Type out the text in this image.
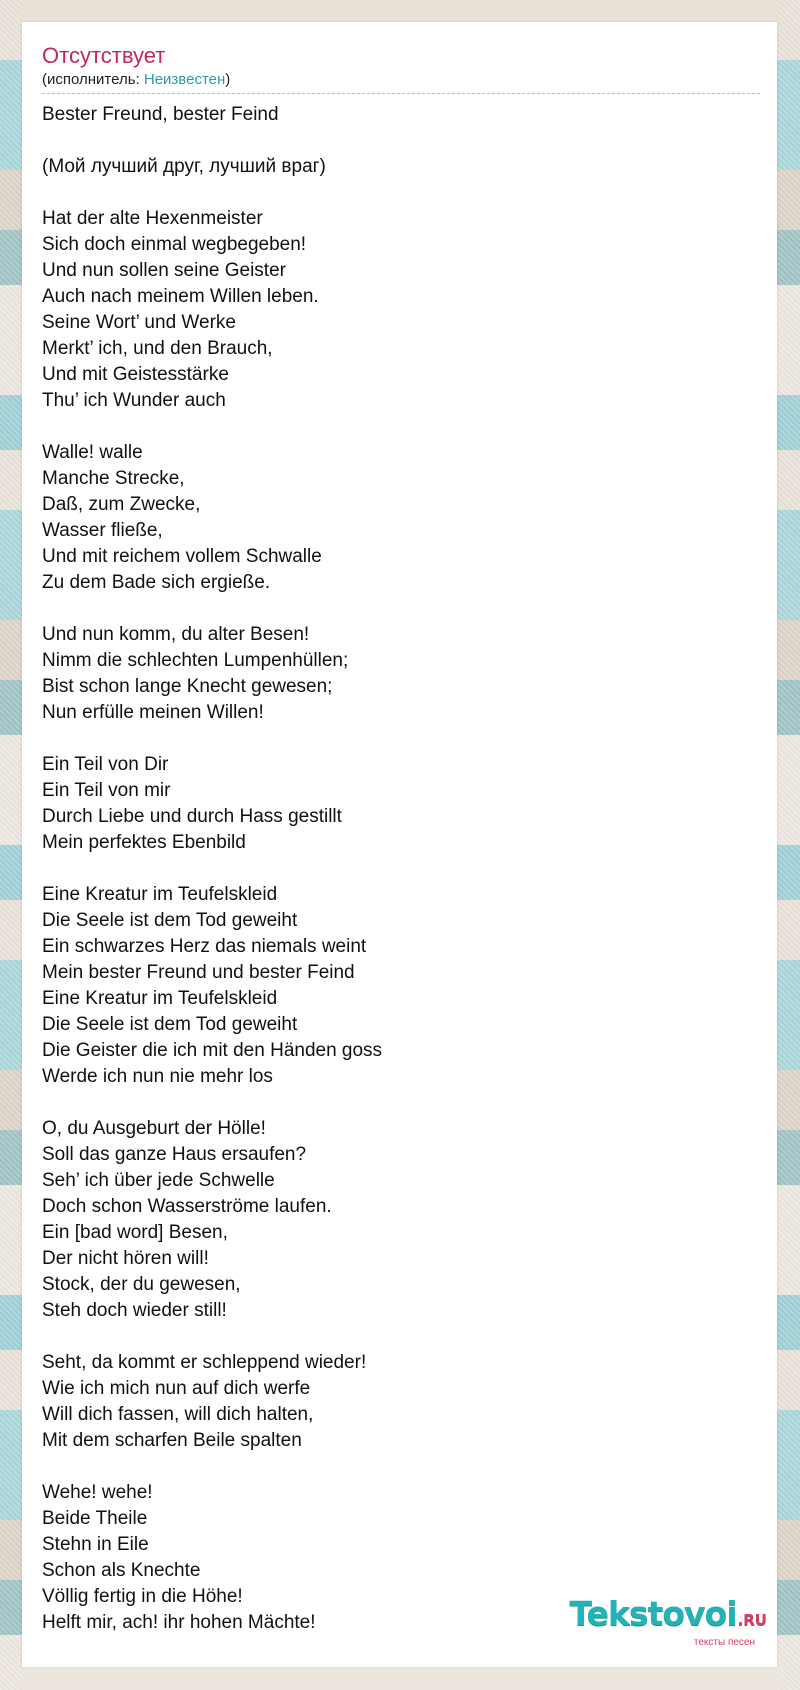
Отсутствует
(исполнитель: Неизвестен)
Bester Freund, bester Feind
(Мой лучший друг, лучший враг)
Hat der alte Hexenmeister
Sich doch einmal wegbegeben!
Und nun sollen seine Geister
Auch nach meinem Willen leben.
Seine Wort’ und Werke
Merkt’ ich, und den Brauch,
Und mit Geistesstärke
Thu’ ich Wunder auch
Walle! walle
Manche Strecke,
Daß, zum Zwecke,
Wasser fließe,
Und mit reichem vollem Schwalle
Zu dem Bade sich ergieße.
Und nun komm, du alter Besen!
Nimm die schlechten Lumpenhüllen;
Bist schon lange Knecht gewesen;
Nun erfülle meinen Willen!
Ein Teil von Dir
Ein Teil von mir
Durch Liebe und durch Hass gestillt
Mein perfektes Ebenbild
Eine Kreatur im Teufelskleid
Die Seele ist dem Tod geweiht
Ein schwarzes Herz das niemals weint
Mein bester Freund und bester Feind
Eine Kreatur im Teufelskleid
Die Seele ist dem Tod geweiht
Die Geister die ich mit den Händen goss
Werde ich nun nie mehr los
O, du Ausgeburt der Hölle!
Soll das ganze Haus ersaufen?
Seh’ ich über jede Schwelle
Doch schon Wasserströme laufen.
Ein [bad word] Besen,
Der nicht hören will!
Stock, der du gewesen,
Steh doch wieder still!
Seht, da kommt er schleppend wieder!
Wie ich mich nun auf dich werfe
Will dich fassen, will dich halten,
Mit dem scharfen Beile spalten
Wehe! wehe!
Beide Theile
Stehn in Eile
Schon als Knechte
Völlig fertig in die Höhe!
Helft mir, ach! ihr hohen Mächte!	Tekstovoi.RU
тексты песен
